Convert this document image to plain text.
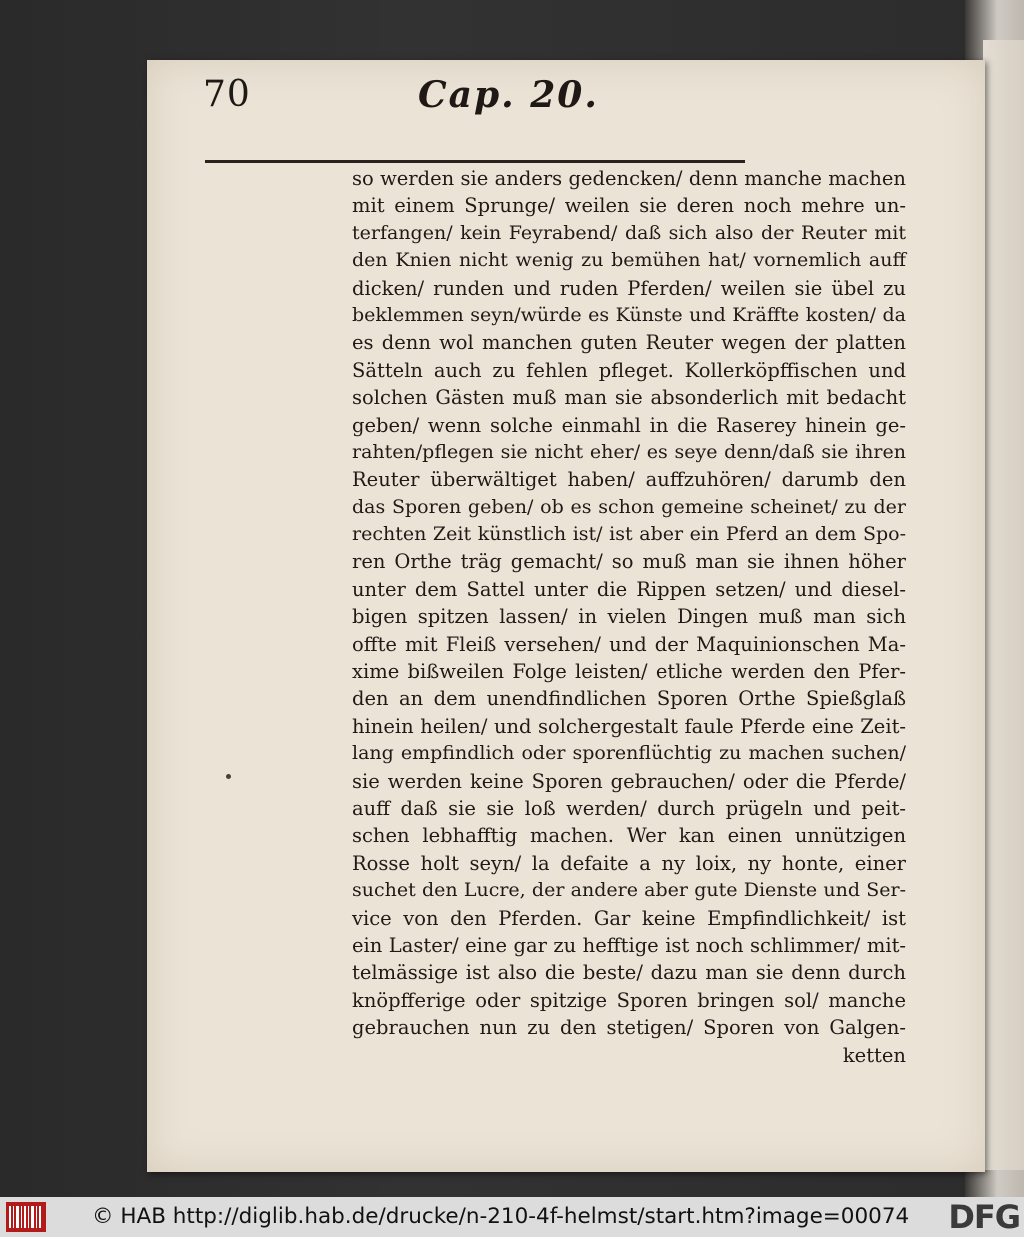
70	Cap. 20.
so werden sie anders gedencken/ denn manche machen
mit einem Sprunge/ weilen sie deren noch mehre un-
terfangen/ kein Feyrabend/ daß sich also der Reuter mit
den Knien nicht wenig zu bemühen hat/ vornemlich auff
dicken/ runden und ruden Pferden/ weilen sie übel zu
beklemmen seyn/würde es Künste und Kräffte kosten/ da
es denn wol manchen guten Reuter wegen der platten
Sätteln auch zu fehlen pfleget. Kollerköpffischen und
solchen Gästen muß man sie absonderlich mit bedacht
geben/ wenn solche einmahl in die Raserey hinein ge-
rahten/pflegen sie nicht eher/ es seye denn/daß sie ihren
Reuter überwältiget haben/ auffzuhören/ darumb den
das Sporen geben/ ob es schon gemeine scheinet/ zu der
rechten Zeit künstlich ist/ ist aber ein Pferd an dem Spo-
ren Orthe träg gemacht/ so muß man sie ihnen höher
unter dem Sattel unter die Rippen setzen/ und diesel-
bigen spitzen lassen/ in vielen Dingen muß man sich
offte mit Fleiß versehen/ und der Maquinionschen Ma-
xime bißweilen Folge leisten/ etliche werden den Pfer-
den an dem unendfindlichen Sporen Orthe Spießglaß
hinein heilen/ und solchergestalt faule Pferde eine Zeit-
lang empfindlich oder sporenflüchtig zu machen suchen/
sie werden keine Sporen gebrauchen/ oder die Pferde/
auff daß sie sie loß werden/ durch prügeln und peit-
schen lebhafftig machen. Wer kan einen unnützigen
Rosse holt seyn/ la defaite a ny loix, ny honte, einer
suchet den Lucre, der andere aber gute Dienste und Ser-
vice von den Pferden. Gar keine Empfindlichkeit/ ist
ein Laster/ eine gar zu hefftige ist noch schlimmer/ mit-
telmässige ist also die beste/ dazu man sie denn durch
knöpfferige oder spitzige Sporen bringen sol/ manche
gebrauchen nun zu den stetigen/ Sporen von Galgen-
ketten
© HAB http://diglib.hab.de/drucke/n-210-4f-helmst/start.htm?image=00074	DFG
